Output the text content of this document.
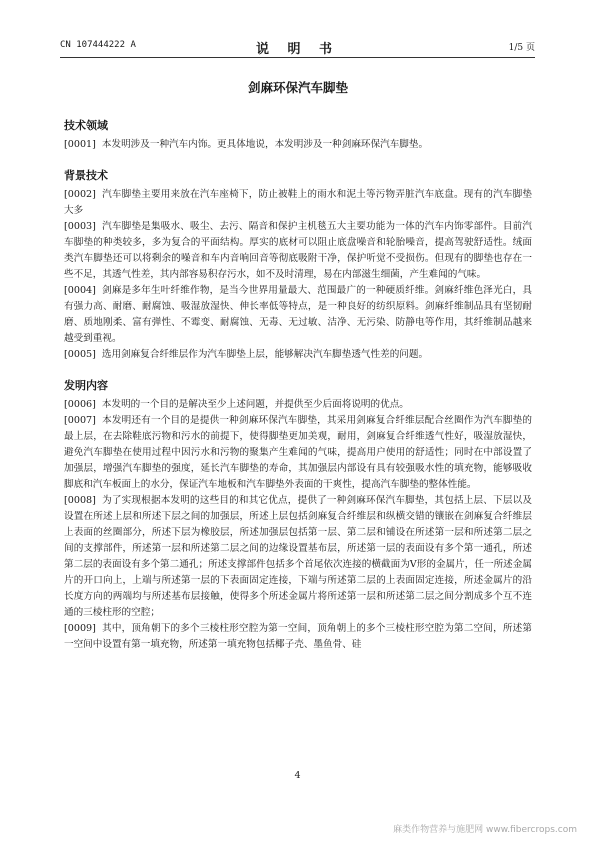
CN 107444222 A	说 明 书	1/5 页
剑麻环保汽车脚垫
技术领域

[0001] 本发明涉及一种汽车内饰。更具体地说，本发明涉及一种剑麻环保汽车脚垫。

背景技术

[0002] 汽车脚垫主要用来放在汽车座椅下，防止被鞋上的雨水和泥土等污物弄脏汽车底盘。现有的汽车脚垫大多

[0003] 汽车脚垫是集吸水、吸尘、去污、隔音和保护主机毯五大主要功能为一体的汽车内饰零部件。目前汽车脚垫的种类较多，多为复合的平面结构。厚实的底材可以阻止底盘噪音和轮胎噪音，提高驾驶舒适性。绒面类汽车脚垫还可以将剩余的噪音和车内音响回音等彻底吸附干净，保护听觉不受损伤。但现有的脚垫也存在一些不足，其透气性差，其内部容易积存污水，如不及时清理，易在内部滋生细菌，产生难闻的气味。

[0004] 剑麻是多年生叶纤维作物，是当今世界用量最大、范围最广的一种硬质纤维。剑麻纤维色泽光白，具有强力高、耐磨、耐腐蚀、吸湿放湿快、伸长率低等特点，是一种良好的纺织原料。剑麻纤维制品具有坚韧耐磨、质地刚柔、富有弹性、不霉变、耐腐蚀、无毒、无过敏、洁净、无污染、防静电等作用，其纤维制品越来越受到重视。

[0005] 选用剑麻复合纤维层作为汽车脚垫上层，能够解决汽车脚垫透气性差的问题。

发明内容

[0006] 本发明的一个目的是解决至少上述问题，并提供至少后面将说明的优点。

[0007] 本发明还有一个目的是提供一种剑麻环保汽车脚垫，其采用剑麻复合纤维层配合丝圈作为汽车脚垫的最上层，在去除鞋底污物和污水的前提下，使得脚垫更加美观，耐用，剑麻复合纤维透气性好，吸湿放湿快，避免汽车脚垫在使用过程中因污水和污物的聚集产生难闻的气味，提高用户使用的舒适性；同时在中部设置了加强层，增强汽车脚垫的强度，延长汽车脚垫的寿命，其加强层内部设有具有较强吸水性的填充物，能够吸收脚底和汽车板面上的水分，保证汽车地板和汽车脚垫外表面的干爽性，提高汽车脚垫的整体性能。

[0008] 为了实现根据本发明的这些目的和其它优点，提供了一种剑麻环保汽车脚垫，其包括上层、下层以及设置在所述上层和所述下层之间的加强层，所述上层包括剑麻复合纤维层和纵横交错的镶嵌在剑麻复合纤维层上表面的丝圈部分，所述下层为橡胶层，所述加强层包括第一层、第二层和铺设在所述第一层和所述第二层之间的支撑部件，所述第一层和所述第二层之间的边缘设置基布层，所述第一层的表面设有多个第一通孔，所述第二层的表面设有多个第二通孔；所述支撑部件包括多个首尾依次连接的横截面为V形的金属片，任一所述金属片的开口向上，上端与所述第一层的下表面固定连接，下端与所述第二层的上表面固定连接，所述金属片的沿长度方向的两端均与所述基布层接触，使得多个所述金属片将所述第一层和所述第二层之间分割成多个互不连通的三棱柱形的空腔；

[0009] 其中，顶角朝下的多个三棱柱形空腔为第一空间，顶角朝上的多个三棱柱形空腔为第二空间，所述第一空间中设置有第一填充物，所述第一填充物包括椰子壳、墨鱼骨、硅

4
麻类作物营养与施肥网 www.fibercrops.com
